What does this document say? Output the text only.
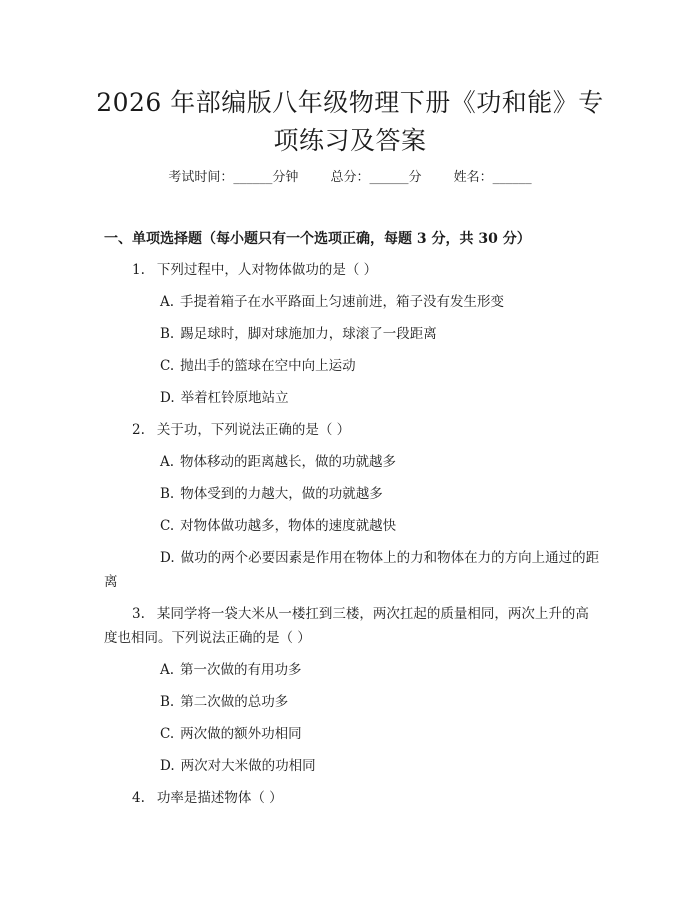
2026 年部编版八年级物理下册《功和能》专
项练习及答案
考试时间：______分钟 总分：______分 姓名：______
一、单项选择题（每小题只有一个选项正确，每题 3 分，共 30 分）
1. 下列过程中，人对物体做功的是（ ）
A. 手提着箱子在水平路面上匀速前进，箱子没有发生形变
B. 踢足球时，脚对球施加力，球滚了一段距离
C. 抛出手的篮球在空中向上运动
D. 举着杠铃原地站立
2. 关于功，下列说法正确的是（ ）
A. 物体移动的距离越长，做的功就越多
B. 物体受到的力越大，做的功就越多
C. 对物体做功越多，物体的速度就越快
D. 做功的两个必要因素是作用在物体上的力和物体在力的方向上通过的距离
3. 某同学将一袋大米从一楼扛到三楼，两次扛起的质量相同，两次上升的高度也相同。下列说法正确的是（ ）
A. 第一次做的有用功多
B. 第二次做的总功多
C. 两次做的额外功相同
D. 两次对大米做的功相同
4. 功率是描述物体（ ）
